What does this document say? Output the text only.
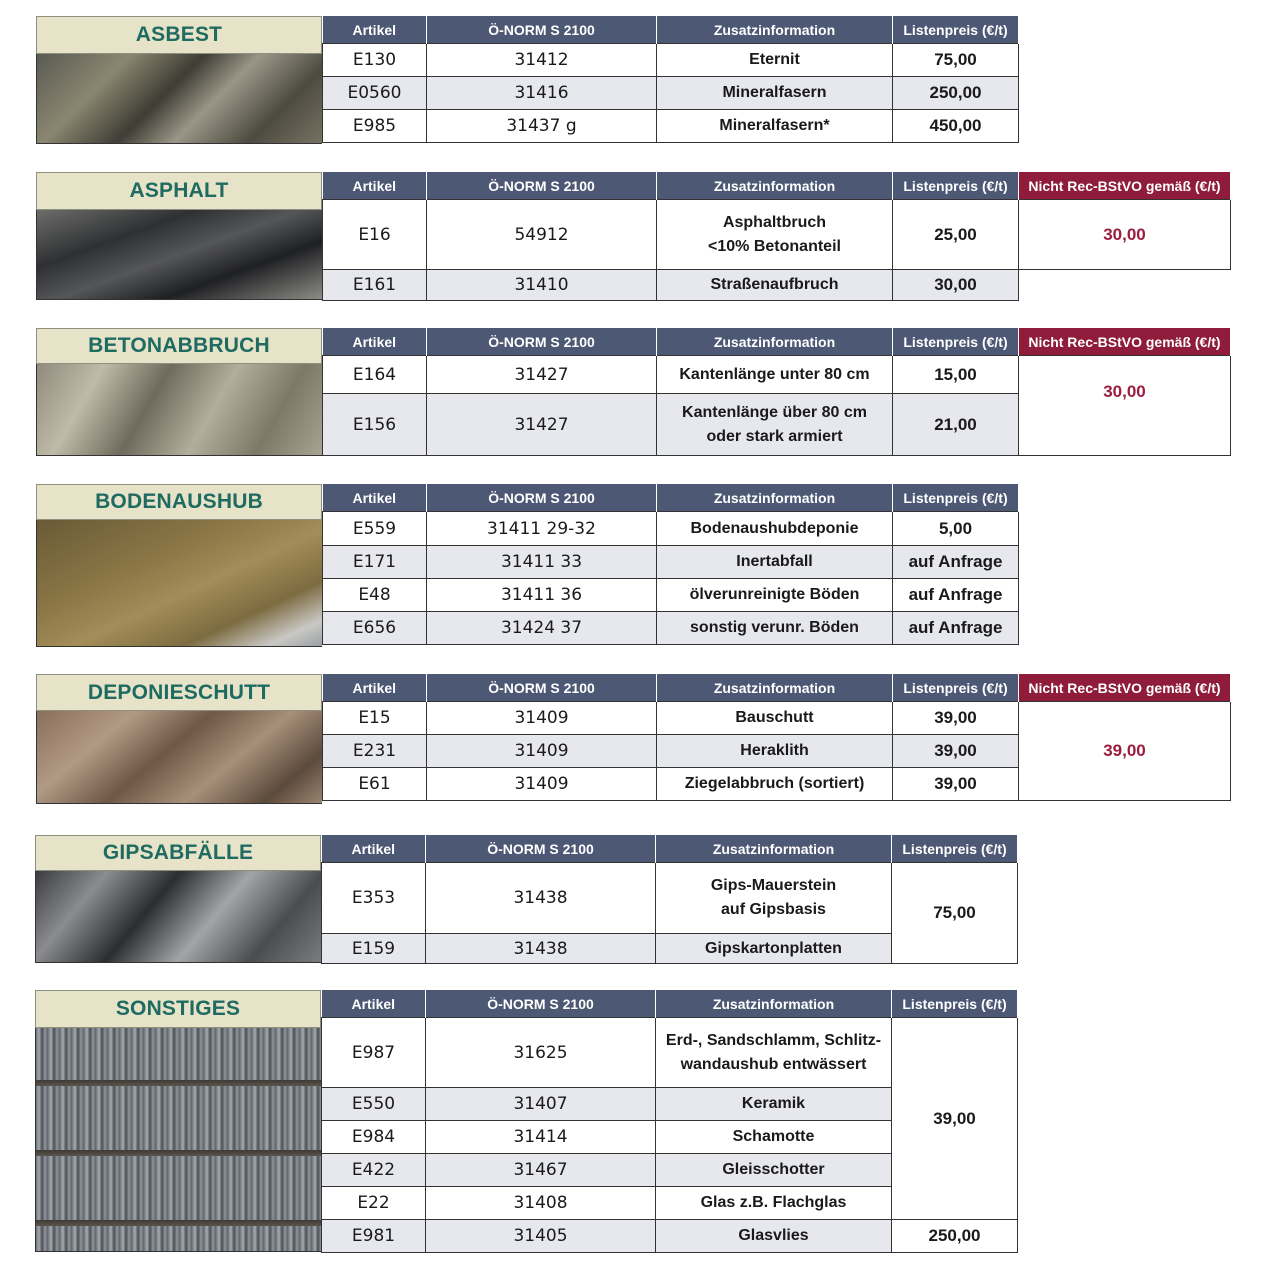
ASBEST	Artikel	Ö-NORM S 2100	Zusatzinformation	Listenpreis (€/t)
E130	31412	Eternit	75,00
E0560	31416	Mineralfasern	250,00
E985	31437 g	Mineralfasern*	450,00
ASPHALT	Artikel	Ö-NORM S 2100	Zusatzinformation	Listenpreis (€/t)	Nicht Rec-BStVO gemäß (€/t)
E16	54912	Asphaltbruch
<10% Betonanteil	25,00	30,00
E161	31410	Straßenaufbruch	30,00	
BETONABBRUCH	Artikel	Ö-NORM S 2100	Zusatzinformation	Listenpreis (€/t)	Nicht Rec-BStVO gemäß (€/t)
E164	31427	Kantenlänge unter 80 cm	15,00	30,00
E156	31427	Kantenlänge über 80 cm
oder stark armiert	21,00	
BODENAUSHUB	Artikel	Ö-NORM S 2100	Zusatzinformation	Listenpreis (€/t)
E559	31411 29-32	Bodenaushubdeponie	5,00
E171	31411 33	Inertabfall	auf Anfrage
E48	31411 36	ölverunreinigte Böden	auf Anfrage
E656	31424 37	sonstig verunr. Böden	auf Anfrage
DEPONIESCHUTT	Artikel	Ö-NORM S 2100	Zusatzinformation	Listenpreis (€/t)	Nicht Rec-BStVO gemäß (€/t)
E15	31409	Bauschutt	39,00	39,00
E231	31409	Heraklith	39,00	
E61	31409	Ziegelabbruch (sortiert)	39,00	
GIPSABFÄLLE	Artikel	Ö-NORM S 2100	Zusatzinformation	Listenpreis (€/t)
E353	31438	Gips-Mauerstein
auf Gipsbasis	75,00
E159	31438	Gipskartonplatten	
SONSTIGES	Artikel	Ö-NORM S 2100	Zusatzinformation	Listenpreis (€/t)
E987	31625	Erd-, Sandschlamm, Schlitz-
wandaushub entwässert	39,00
E550	31407	Keramik	
E984	31414	Schamotte	
E422	31467	Gleisschotter	
E22	31408	Glas z.B. Flachglas	
E981	31405	Glasvlies	250,00
